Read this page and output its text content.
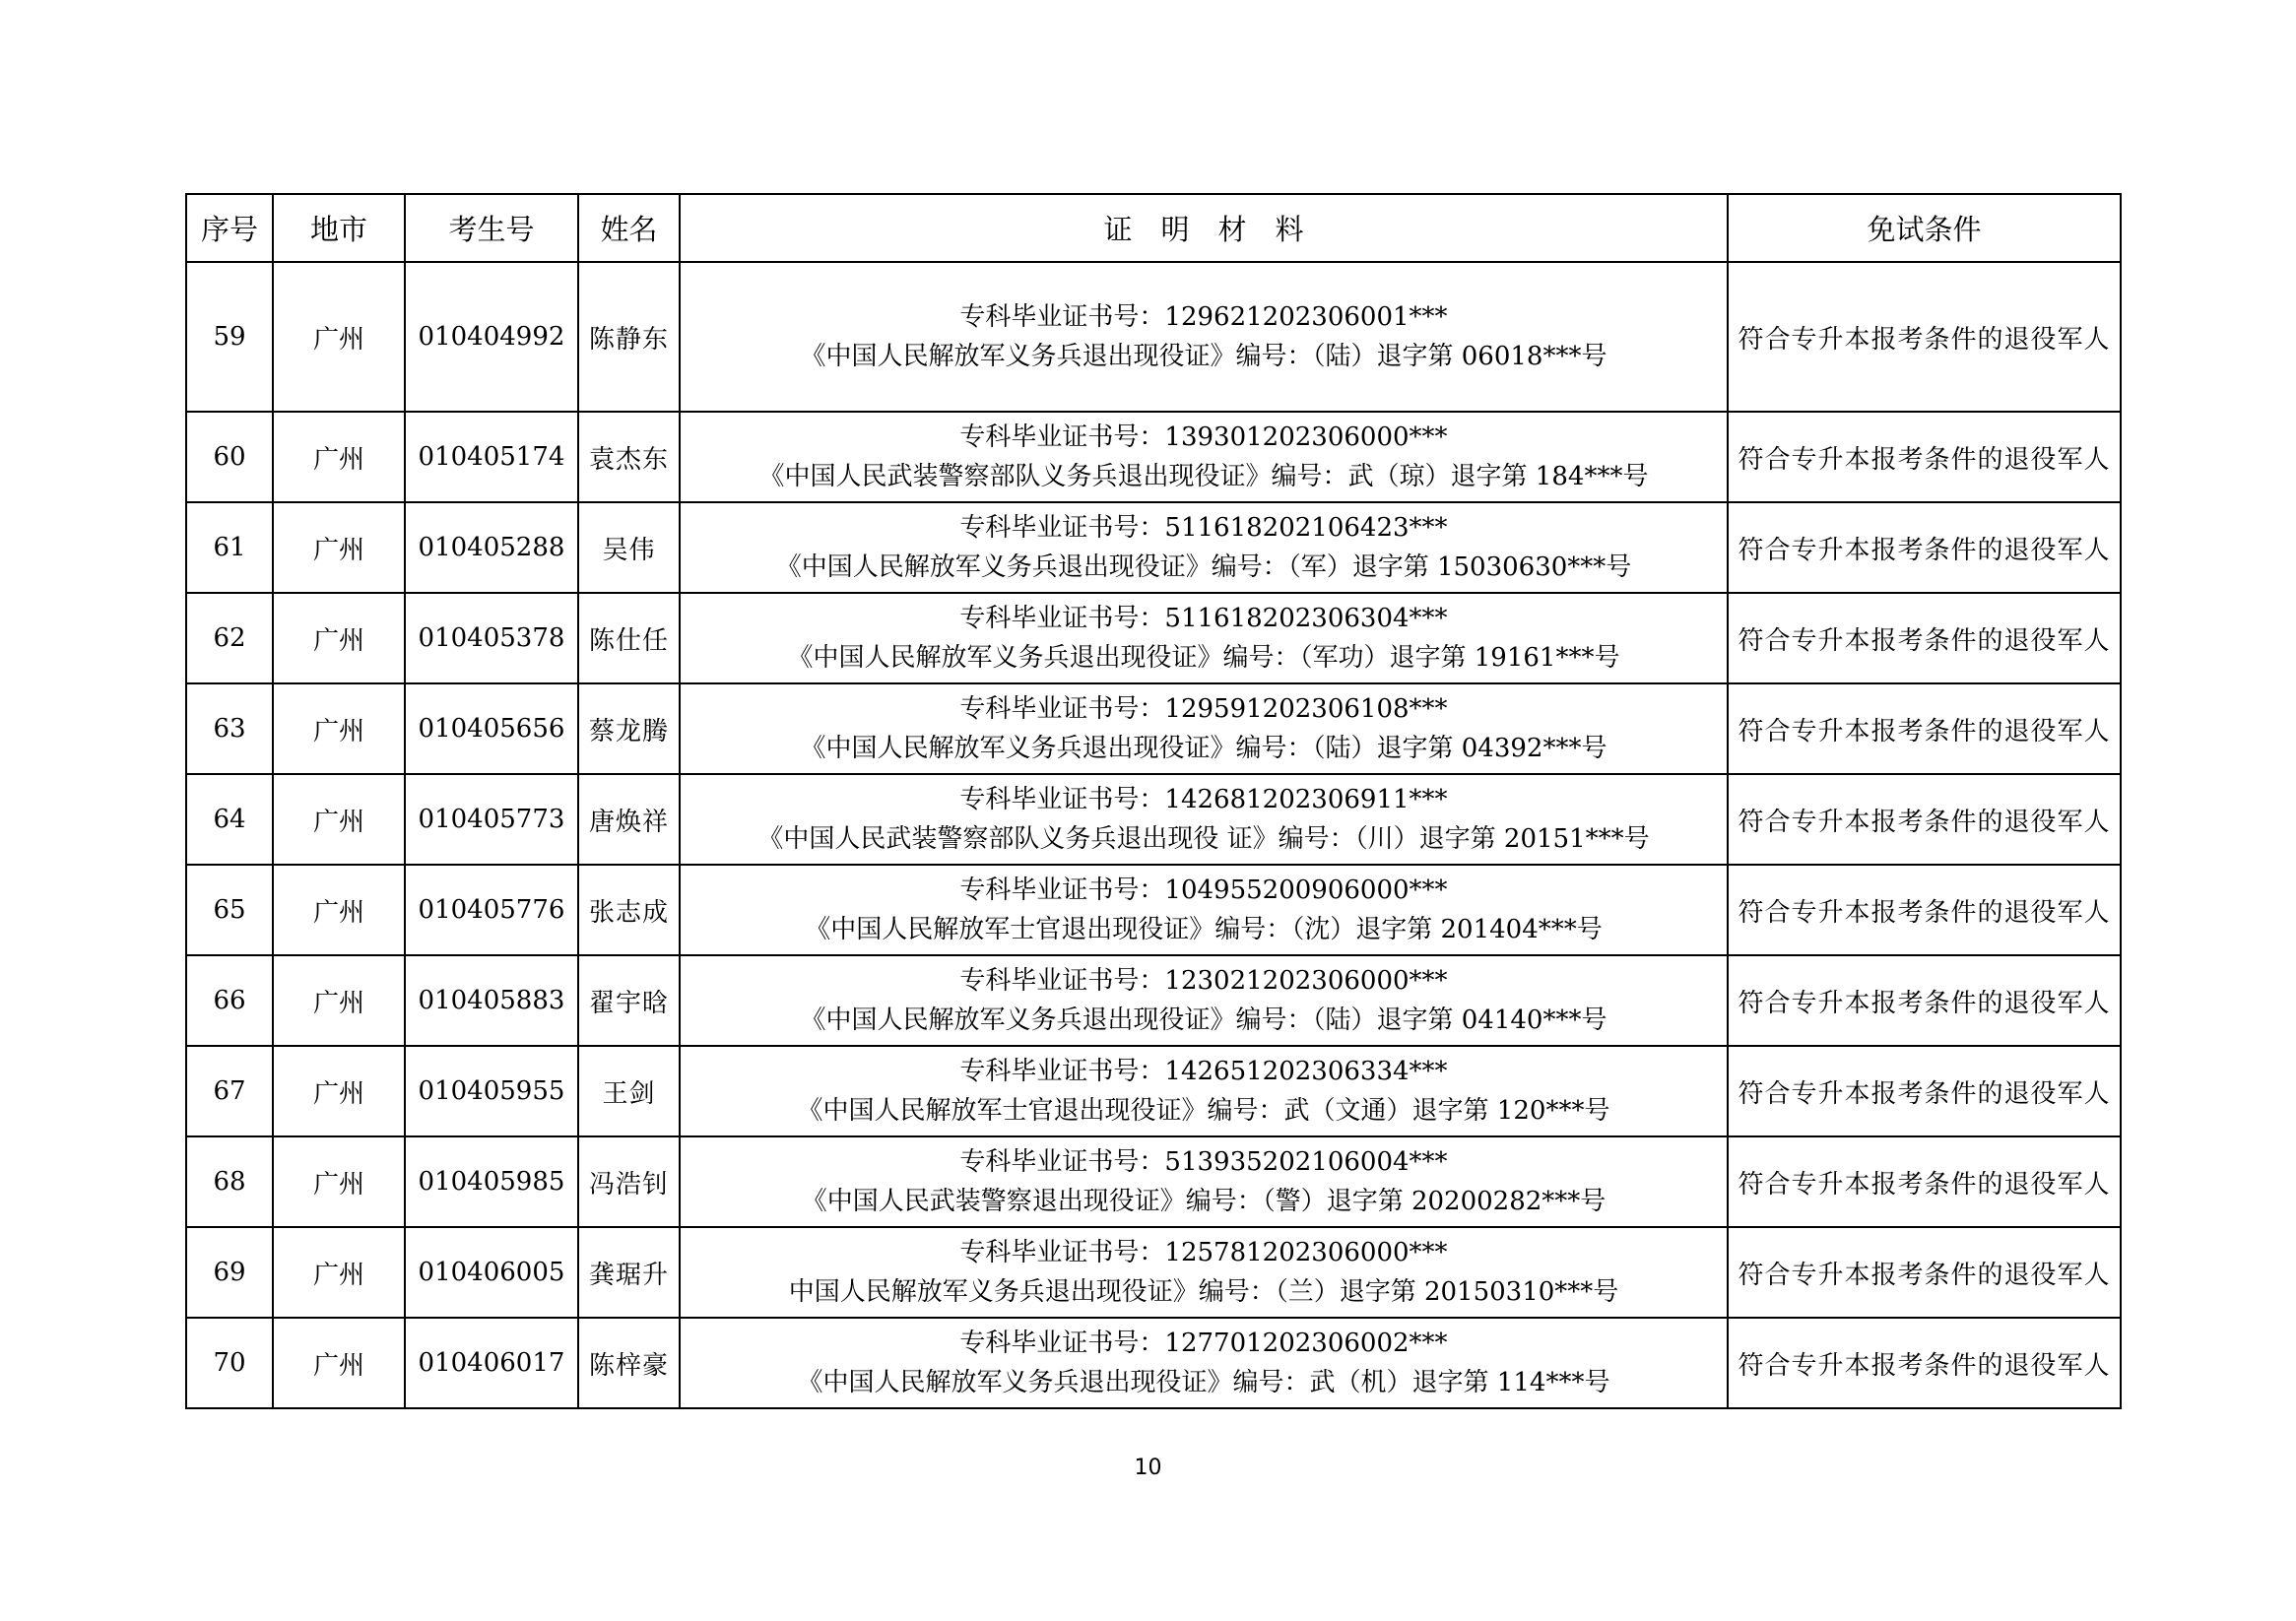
序号	地市	考生号	姓名	证　明　材　料	免试条件
59	广州	010404992	陈静东	专科毕业证书号：129621202306001***
《中国人民解放军义务兵退出现役证》编号：（陆）退字第 06018***号	符合专升本报考条件的退役军人
60	广州	010405174	袁杰东	专科毕业证书号：139301202306000***
《中国人民武装警察部队义务兵退出现役证》编号：武（琼）退字第 184***号	符合专升本报考条件的退役军人
61	广州	010405288	吴伟	专科毕业证书号：511618202106423***
《中国人民解放军义务兵退出现役证》编号：（军）退字第 15030630***号	符合专升本报考条件的退役军人
62	广州	010405378	陈仕任	专科毕业证书号：511618202306304***
《中国人民解放军义务兵退出现役证》编号：（军功）退字第 19161***号	符合专升本报考条件的退役军人
63	广州	010405656	蔡龙腾	专科毕业证书号：129591202306108***
《中国人民解放军义务兵退出现役证》编号：（陆）退字第 04392***号	符合专升本报考条件的退役军人
64	广州	010405773	唐焕祥	专科毕业证书号：142681202306911***
《中国人民武装警察部队义务兵退出现役 证》编号：（川）退字第 20151***号	符合专升本报考条件的退役军人
65	广州	010405776	张志成	专科毕业证书号：104955200906000***
《中国人民解放军士官退出现役证》编号：（沈）退字第 201404***号	符合专升本报考条件的退役军人
66	广州	010405883	翟宇晗	专科毕业证书号：123021202306000***
《中国人民解放军义务兵退出现役证》编号：（陆）退字第 04140***号	符合专升本报考条件的退役军人
67	广州	010405955	王剑	专科毕业证书号：142651202306334***
《中国人民解放军士官退出现役证》编号：武（文通）退字第 120***号	符合专升本报考条件的退役军人
68	广州	010405985	冯浩钊	专科毕业证书号：513935202106004***
《中国人民武装警察退出现役证》编号：（警）退字第 20200282***号	符合专升本报考条件的退役军人
69	广州	010406005	龚琚升	专科毕业证书号：125781202306000***
中国人民解放军义务兵退出现役证》编号：（兰）退字第 20150310***号	符合专升本报考条件的退役军人
70	广州	010406017	陈梓豪	专科毕业证书号：127701202306002***
《中国人民解放军义务兵退出现役证》编号：武（机）退字第 114***号	符合专升本报考条件的退役军人
10
